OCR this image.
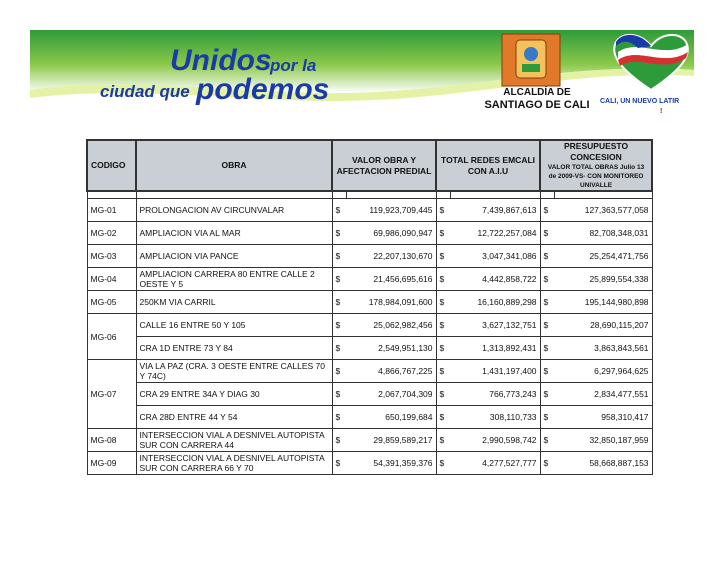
Unidos
por la
ciudad que podemos	ALCALDÍA DE
SANTIAGO DE CALI	CALI, UN NUEVO LATIR
!
CODIGO	OBRA	VALOR OBRA Y AFECTACION PREDIAL		TOTAL REDES EMCALI CON A.I.U		PRESUPUESTO CONCESION
VALOR TOTAL OBRAS Julio 13 de 2009-VS- CON MONITOREO UNIVALLE	

MG-01	PROLONGACION AV CIRCUNVALAR	$	119,923,709,445	$	7,439,867,613	$	127,363,577,058
MG-02	AMPLIACION VIA AL MAR	$	69,986,090,947	$	12,722,257,084	$	82,708,348,031
MG-03	AMPLIACION VIA PANCE	$	22,207,130,670	$	3,047,341,086	$	25,254,471,756
MG-04	AMPLIACION CARRERA 80 ENTRE CALLE 2 OESTE Y 5	$	21,456,695,616	$	4,442,858,722	$	25,899,554,338
MG-05	250KM VIA CARRIL	$	178,984,091,600	$	16,160,889,298	$	195,144,980,898
MG-06	CALLE 16 ENTRE 50 Y 105	$	25,062,982,456	$	3,627,132,751	$	28,690,115,207
	CRA 1D ENTRE 73 Y 84	$	2,549,951,130	$	1,313,892,431	$	3,863,843,561
MG-07	VIA LA PAZ (CRA. 3 OESTE ENTRE CALLES 70 Y 74C)	$	4,866,767,225	$	1,431,197,400	$	6,297,964,625
	CRA 29 ENTRE 34A Y DIAG 30	$	2,067,704,309	$	766,773,243	$	2,834,477,551
	CRA 28D ENTRE 44 Y 54	$	650,199,684	$	308,110,733	$	958,310,417
MG-08	INTERSECCION VIAL A DESNIVEL AUTOPISTA SUR CON CARRERA 44	$	29,859,589,217	$	2,990,598,742	$	32,850,187,959
MG-09	INTERSECCION VIAL A DESNIVEL AUTOPISTA SUR CON CARRERA 66 Y 70	$	54,391,359,376	$	4,277,527,777	$	58,668,887,153
